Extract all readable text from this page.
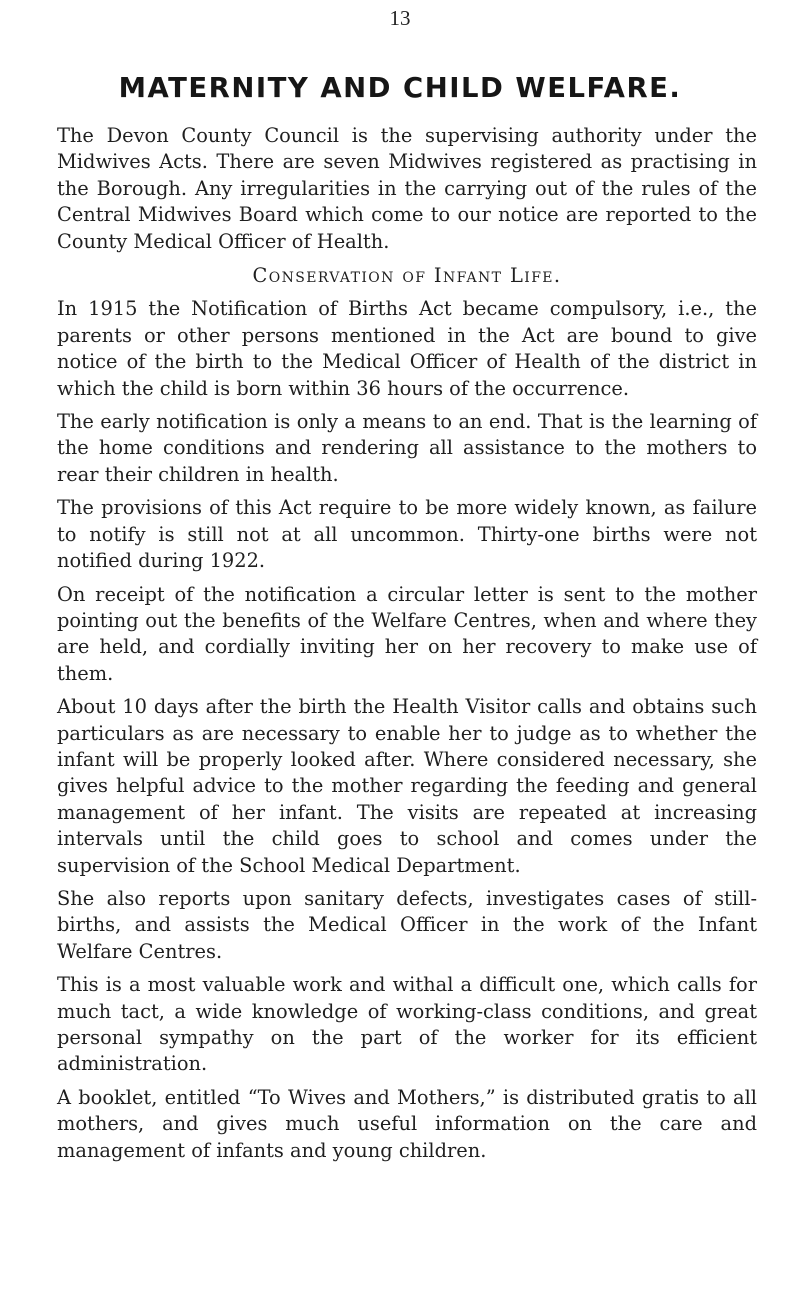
13
MATERNITY AND CHILD WELFARE.

The Devon County Council is the supervising authority under the Midwives Acts. There are seven Midwives registered as practising in the Borough. Any irregularities in the carrying out of the rules of the Central Midwives Board which come to our notice are reported to the County Medical Officer of Health.

Conservation of Infant Life.

In 1915 the Notification of Births Act became compulsory, i.e., the parents or other persons mentioned in the Act are bound to give notice of the birth to the Medical Officer of Health of the district in which the child is born within 36 hours of the occurrence.

The early notification is only a means to an end. That is the learning of the home conditions and rendering all assistance to the mothers to rear their children in health.

The provisions of this Act require to be more widely known, as failure to notify is still not at all uncommon. Thirty-one births were not notified during 1922.

On receipt of the notification a circular letter is sent to the mother pointing out the benefits of the Welfare Centres, when and where they are held, and cordially inviting her on her recovery to make use of them.

About 10 days after the birth the Health Visitor calls and obtains such particulars as are necessary to enable her to judge as to whether the infant will be properly looked after. Where considered necessary, she gives helpful advice to the mother regarding the feeding and general management of her infant. The visits are repeated at increasing intervals until the child goes to school and comes under the supervision of the School Medical Department.

She also reports upon sanitary defects, investigates cases of still-births, and assists the Medical Officer in the work of the Infant Welfare Centres.

This is a most valuable work and withal a difficult one, which calls for much tact, a wide knowledge of working-class conditions, and great personal sympathy on the part of the worker for its efficient administration.

A booklet, entitled “To Wives and Mothers,” is distributed gratis to all mothers, and gives much useful information on the care and management of infants and young children.
